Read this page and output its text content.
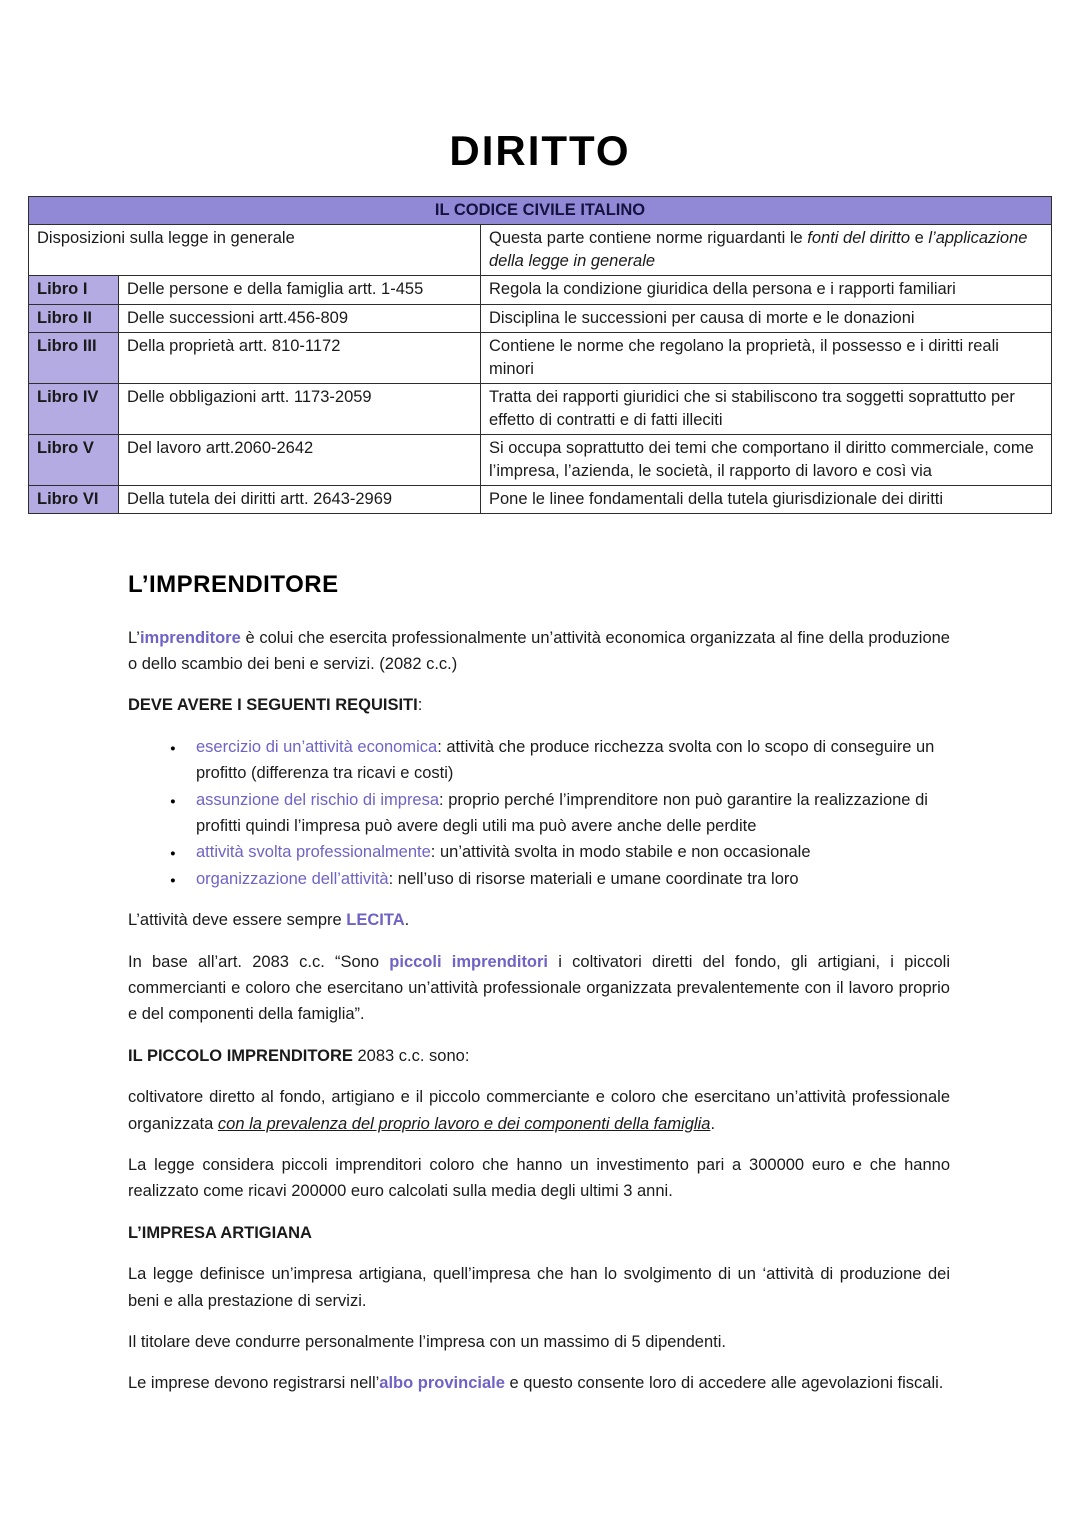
DIRITTO
IL CODICE CIVILE ITALINO		
Disposizioni sulla legge in generale		Questa parte contiene norme riguardanti le fonti del diritto e l’applicazione della legge in generale
Libro I	Delle persone e della famiglia artt. 1-455	Regola la condizione giuridica della persona e i rapporti familiari
Libro II	Delle successioni artt.456-809	Disciplina le successioni per causa di morte e le donazioni
Libro III	Della proprietà artt. 810-1172	Contiene le norme che regolano la proprietà, il possesso e i diritti reali minori
Libro IV	Delle obbligazioni artt. 1173-2059	Tratta dei rapporti giuridici che si stabiliscono tra soggetti soprattutto per effetto di contratti e di fatti illeciti
Libro V	Del lavoro artt.2060-2642	Si occupa soprattutto dei temi che comportano il diritto commerciale, come l’impresa, l’azienda, le società, il rapporto di lavoro e così via
Libro VI	Della tutela dei diritti artt. 2643-2969	Pone le linee fondamentali della tutela giurisdizionale dei diritti
L’IMPRENDITORE

L’imprenditore è colui che esercita professionalmente un’attività economica organizzata al fine della produzione o dello scambio dei beni e servizi. (2082 c.c.)

DEVE AVERE I SEGUENTI REQUISITI:

● esercizio di un’attività economica: attività che produce ricchezza svolta con lo scopo di conseguire un profitto (differenza tra ricavi e costi)
● assunzione del rischio di impresa: proprio perché l’imprenditore non può garantire la realizzazione di profitti quindi l’impresa può avere degli utili ma può avere anche delle perdite
● attività svolta professionalmente: un’attività svolta in modo stabile e non occasionale
● organizzazione dell’attività: nell’uso di risorse materiali e umane coordinate tra loro

L’attività deve essere sempre LECITA.

In base all’art. 2083 c.c. “Sono piccoli imprenditori i coltivatori diretti del fondo, gli artigiani, i piccoli commercianti e coloro che esercitano un’attività professionale organizzata prevalentemente con il lavoro proprio e del componenti della famiglia”.

IL PICCOLO IMPRENDITORE 2083 c.c. sono:

coltivatore diretto al fondo, artigiano e il piccolo commerciante e coloro che esercitano un’attività professionale organizzata con la prevalenza del proprio lavoro e dei componenti della famiglia.

La legge considera piccoli imprenditori coloro che hanno un investimento pari a 300000 euro e che hanno realizzato come ricavi 200000 euro calcolati sulla media degli ultimi 3 anni.

L’IMPRESA ARTIGIANA

La legge definisce un’impresa artigiana, quell’impresa che han lo svolgimento di un ‘attività di produzione dei beni e alla prestazione di servizi.

Il titolare deve condurre personalmente l’impresa con un massimo di 5 dipendenti.

Le imprese devono registrarsi nell’albo provinciale e questo consente loro di accedere alle agevolazioni fiscali.
